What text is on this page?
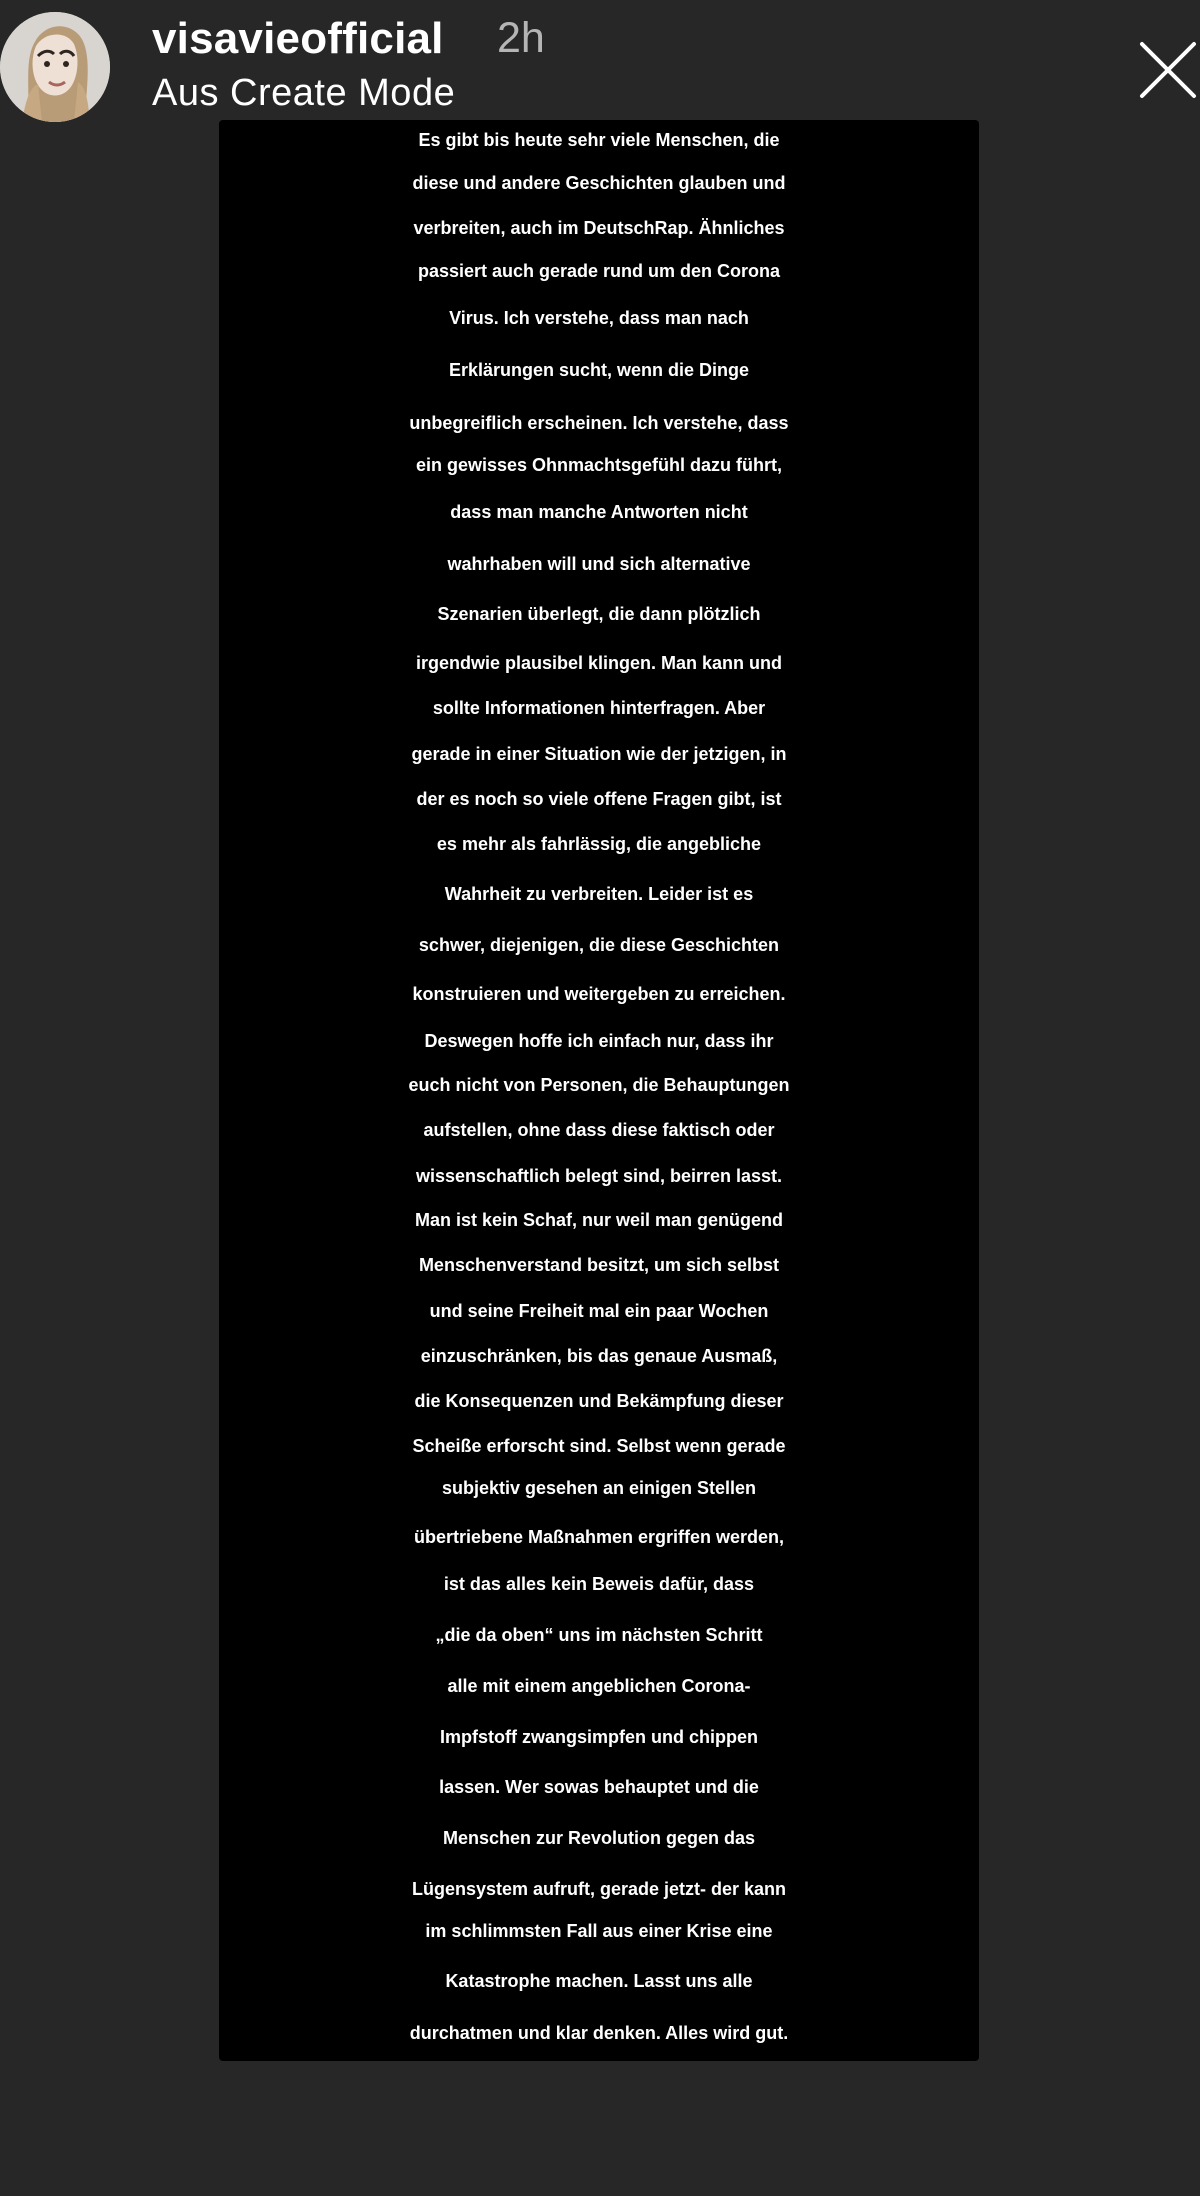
visavieofficial 2h
Aus Create Mode
Es gibt bis heute sehr viele Menschen, die
diese und andere Geschichten glauben und
verbreiten, auch im DeutschRap. Ähnliches
passiert auch gerade rund um den Corona
Virus. Ich verstehe, dass man nach
Erklärungen sucht, wenn die Dinge
unbegreiflich erscheinen. Ich verstehe, dass
ein gewisses Ohnmachtsgefühl dazu führt,
dass man manche Antworten nicht
wahrhaben will und sich alternative
Szenarien überlegt, die dann plötzlich
irgendwie plausibel klingen. Man kann und
sollte Informationen hinterfragen. Aber
gerade in einer Situation wie der jetzigen, in
der es noch so viele offene Fragen gibt, ist
es mehr als fahrlässig, die angebliche
Wahrheit zu verbreiten. Leider ist es
schwer, diejenigen, die diese Geschichten
konstruieren und weitergeben zu erreichen.
Deswegen hoffe ich einfach nur, dass ihr
euch nicht von Personen, die Behauptungen
aufstellen, ohne dass diese faktisch oder
wissenschaftlich belegt sind, beirren lasst.
Man ist kein Schaf, nur weil man genügend
Menschenverstand besitzt, um sich selbst
und seine Freiheit mal ein paar Wochen
einzuschränken, bis das genaue Ausmaß,
die Konsequenzen und Bekämpfung dieser
Scheiße erforscht sind. Selbst wenn gerade
subjektiv gesehen an einigen Stellen
übertriebene Maßnahmen ergriffen werden,
ist das alles kein Beweis dafür, dass
„die da oben“ uns im nächsten Schritt
alle mit einem angeblichen Corona-
Impfstoff zwangsimpfen und chippen
lassen. Wer sowas behauptet und die
Menschen zur Revolution gegen das
Lügensystem aufruft, gerade jetzt- der kann
im schlimmsten Fall aus einer Krise eine
Katastrophe machen. Lasst uns alle
durchatmen und klar denken. Alles wird gut.
